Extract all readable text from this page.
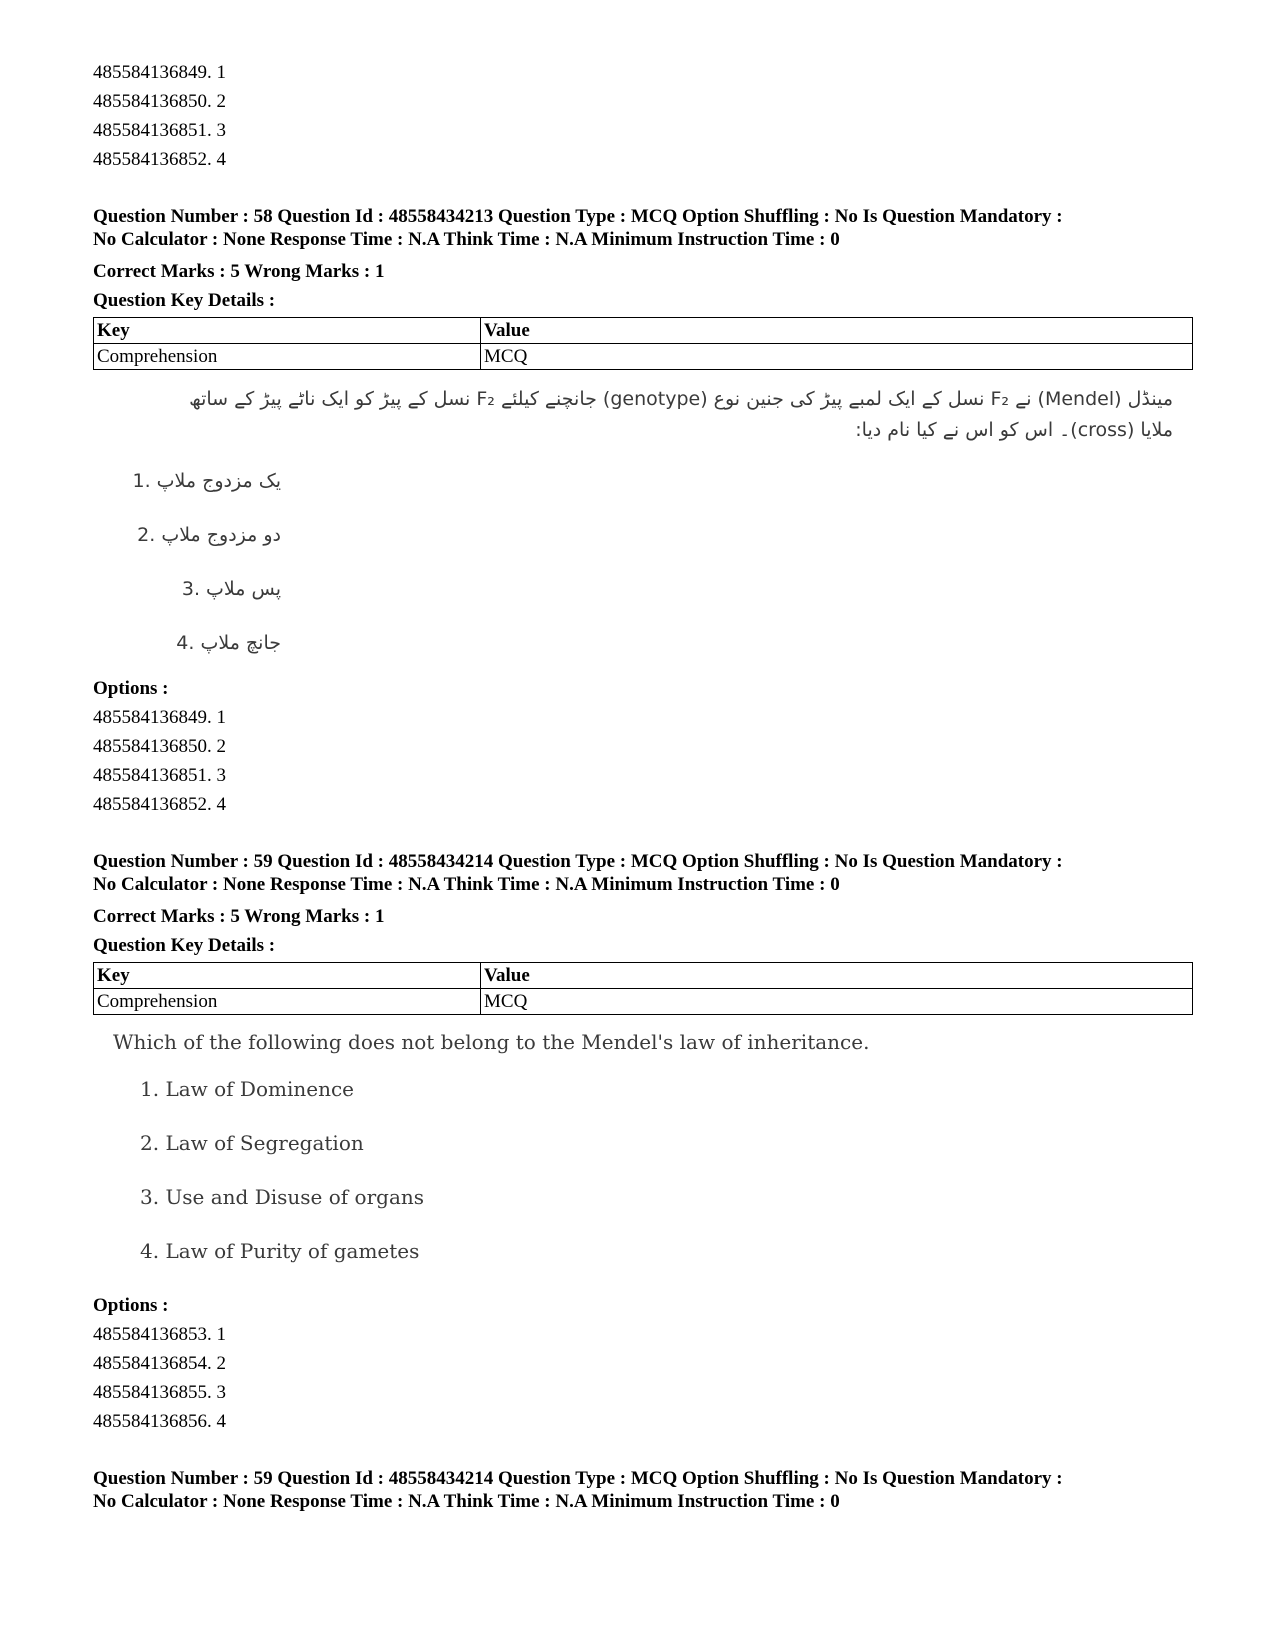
485584136849. 1
485584136850. 2
485584136851. 3
485584136852. 4
Question Number : 58 Question Id : 48558434213 Question Type : MCQ Option Shuffling : No Is Question Mandatory :
No Calculator : None Response Time : N.A Think Time : N.A Minimum Instruction Time : 0
Correct Marks : 5 Wrong Marks : 1
Question Key Details :
Key	Value
Comprehension	MCQ
مینڈل (Mendel) نے F₂ نسل کے ایک لمبے پیڑ کی جنین نوع (genotype) جانچنے کیلئے F₂ نسل کے پیڑ کو ایک ناٹے پیڑ کے ساتھ
ملایا (cross)۔ اس کو اس نے کیا نام دیا:
یک مزدوج ملاپ .1
دو مزدوج ملاپ .2
پس ملاپ .3
جانچ ملاپ .4
Options :
485584136849. 1
485584136850. 2
485584136851. 3
485584136852. 4
Question Number : 59 Question Id : 48558434214 Question Type : MCQ Option Shuffling : No Is Question Mandatory :
No Calculator : None Response Time : N.A Think Time : N.A Minimum Instruction Time : 0
Correct Marks : 5 Wrong Marks : 1
Question Key Details :
Key	Value
Comprehension	MCQ
Which of the following does not belong to the Mendel's law of inheritance.
1. Law of Dominence
2. Law of Segregation
3. Use and Disuse of organs
4. Law of Purity of gametes
Options :
485584136853. 1
485584136854. 2
485584136855. 3
485584136856. 4
Question Number : 59 Question Id : 48558434214 Question Type : MCQ Option Shuffling : No Is Question Mandatory :
No Calculator : None Response Time : N.A Think Time : N.A Minimum Instruction Time : 0
